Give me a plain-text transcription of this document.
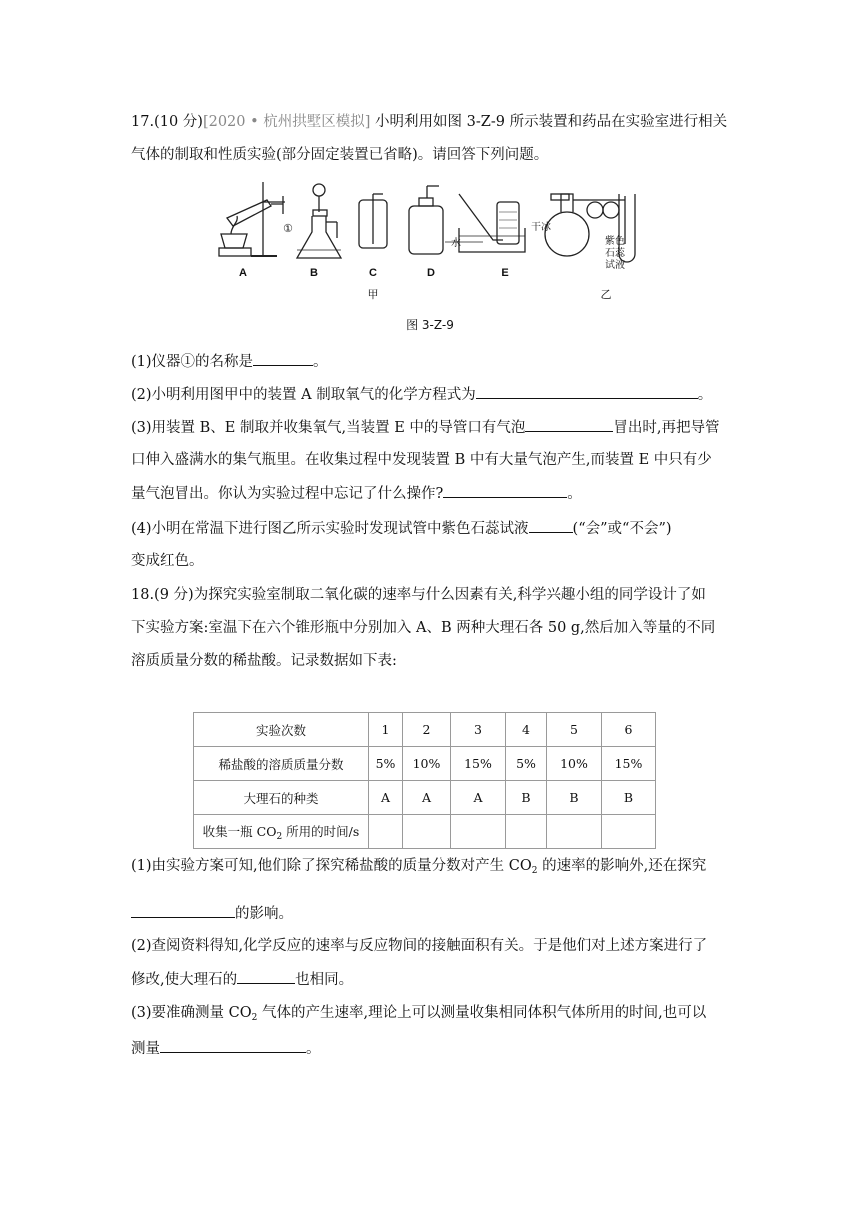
17.(10 分)[2020 • 杭州拱墅区模拟] 小明利用如图 3-Z-9 所示装置和药品在实验室进行相关
气体的制取和性质实验(部分固定装置已省略)。请回答下列问题。
A	B	C	D	E
甲	乙
①
水
干冰
紫色
石蕊
试液
图 3-Z-9
(1)仪器①的名称是	。
(2)小明利用图甲中的装置 A 制取氧气的化学方程式为	。
(3)用装置 B、E 制取并收集氧气,当装置 E 中的导管口有气泡	冒出时,再把导管
口伸入盛满水的集气瓶里。在收集过程中发现装置 B 中有大量气泡产生,而装置 E 中只有少
量气泡冒出。你认为实验过程中忘记了什么操作?	。
(4)小明在常温下进行图乙所示实验时发现试管中紫色石蕊试液	(“会”或“不会”)
变成红色。
18.(9 分)为探究实验室制取二氧化碳的速率与什么因素有关,科学兴趣小组的同学设计了如
下实验方案:室温下在六个锥形瓶中分别加入 A、B 两种大理石各 50 g,然后加入等量的不同
溶质质量分数的稀盐酸。记录数据如下表:
实验次数	1	2	3	4	5	6
稀盐酸的溶质质量分数	5%	10%	15%	5%	10%	15%
大理石的种类	A	A	A	B	B	B
收集一瓶 $CO_2$ 所用的时间/s						
(1)由实验方案可知,他们除了探究稀盐酸的质量分数对产生 $CO_2$ 的速率的影响外,还在探究
的影响。
(2)查阅资料得知,化学反应的速率与反应物间的接触面积有关。于是他们对上述方案进行了
修改,使大理石的	也相同。
(3)要准确测量 $CO_2$ 气体的产生速率,理论上可以测量收集相同体积气体所用的时间,也可以
测量	。
